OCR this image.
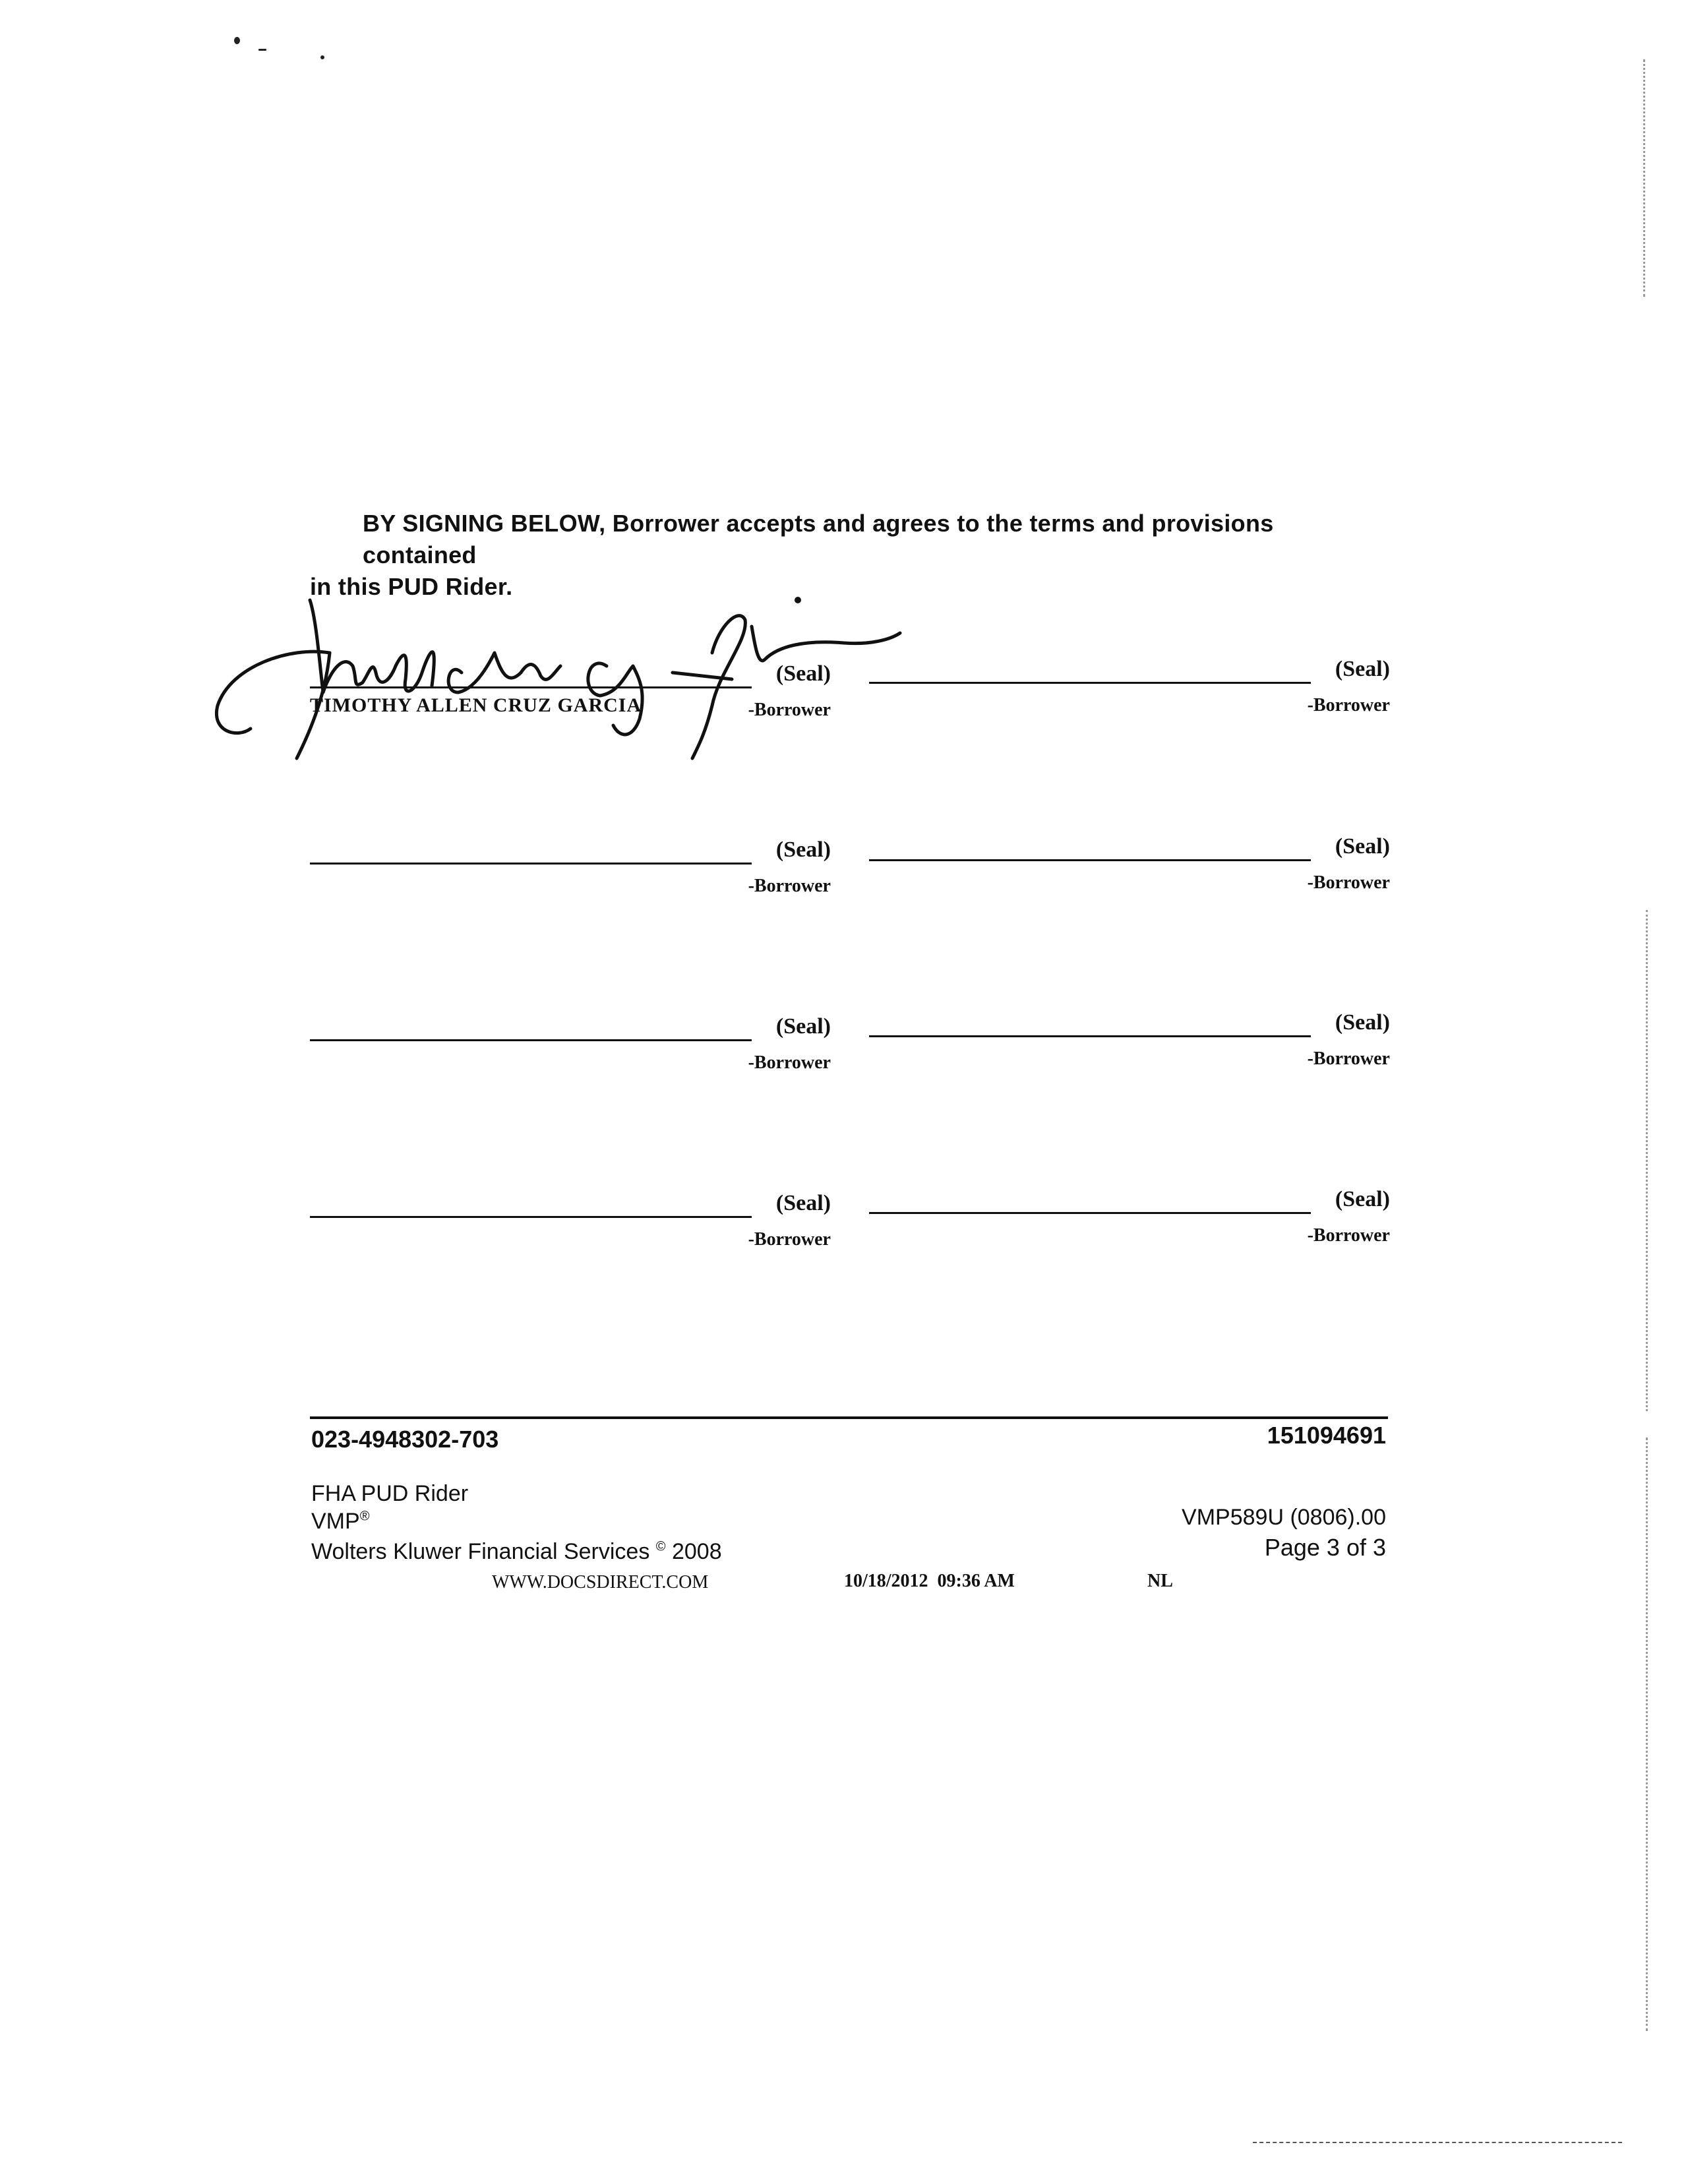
BY SIGNING BELOW, Borrower accepts and agrees to the terms and provisions contained
in this PUD Rider.
(Seal)
TIMOTHY ALLEN CRUZ GARCIA	-Borrower
(Seal)
-Borrower
(Seal)
-Borrower
(Seal)
-Borrower
(Seal)
-Borrower
(Seal)
-Borrower
(Seal)
-Borrower
(Seal)
-Borrower
023-4948302-703	151094691
FHA PUD Rider
VMP®
Wolters Kluwer Financial Services © 2008
VMP589U (0806).00
Page 3 of 3
WWW.DOCSDIRECT.COM	10/18/2012  09:36 AM	NL
